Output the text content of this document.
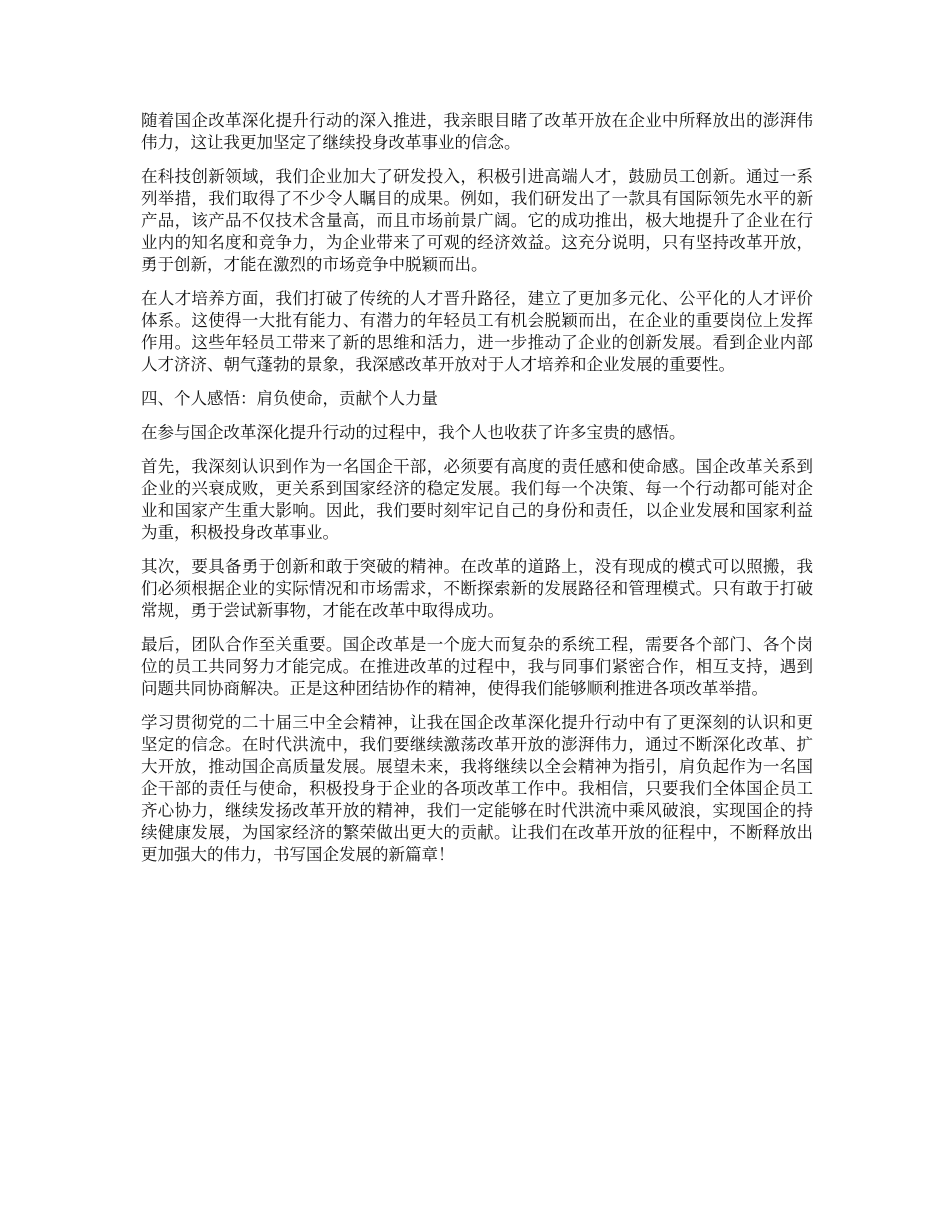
随着国企改革深化提升行动的深入推进，我亲眼目睹了改革开放在企业中所释放出的澎湃伟伟力，这让我更加坚定了继续投身改革事业的信念。

在科技创新领域，我们企业加大了研发投入，积极引进高端人才，鼓励员工创新。通过一系列举措，我们取得了不少令人瞩目的成果。例如，我们研发出了一款具有国际领先水平的新产品，该产品不仅技术含量高，而且市场前景广阔。它的成功推出，极大地提升了企业在行业内的知名度和竞争力，为企业带来了可观的经济效益。这充分说明，只有坚持改革开放，勇于创新，才能在激烈的市场竞争中脱颖而出。

在人才培养方面，我们打破了传统的人才晋升路径，建立了更加多元化、公平化的人才评价体系。这使得一大批有能力、有潜力的年轻员工有机会脱颖而出，在企业的重要岗位上发挥作用。这些年轻员工带来了新的思维和活力，进一步推动了企业的创新发展。看到企业内部人才济济、朝气蓬勃的景象，我深感改革开放对于人才培养和企业发展的重要性。

四、个人感悟：肩负使命，贡献个人力量

在参与国企改革深化提升行动的过程中，我个人也收获了许多宝贵的感悟。

首先，我深刻认识到作为一名国企干部，必须要有高度的责任感和使命感。国企改革关系到企业的兴衰成败，更关系到国家经济的稳定发展。我们每一个决策、每一个行动都可能对企业和国家产生重大影响。因此，我们要时刻牢记自己的身份和责任，以企业发展和国家利益为重，积极投身改革事业。

其次，要具备勇于创新和敢于突破的精神。在改革的道路上，没有现成的模式可以照搬，我们必须根据企业的实际情况和市场需求，不断探索新的发展路径和管理模式。只有敢于打破常规，勇于尝试新事物，才能在改革中取得成功。

最后，团队合作至关重要。国企改革是一个庞大而复杂的系统工程，需要各个部门、各个岗位的员工共同努力才能完成。在推进改革的过程中，我与同事们紧密合作，相互支持，遇到问题共同协商解决。正是这种团结协作的精神，使得我们能够顺利推进各项改革举措。

学习贯彻党的二十届三中全会精神，让我在国企改革深化提升行动中有了更深刻的认识和更坚定的信念。在时代洪流中，我们要继续激荡改革开放的澎湃伟力，通过不断深化改革、扩大开放，推动国企高质量发展。展望未来，我将继续以全会精神为指引，肩负起作为一名国企干部的责任与使命，积极投身于企业的各项改革工作中。我相信，只要我们全体国企员工齐心协力，继续发扬改革开放的精神，我们一定能够在时代洪流中乘风破浪，实现国企的持续健康发展，为国家经济的繁荣做出更大的贡献。让我们在改革开放的征程中，不断释放出更加强大的伟力，书写国企发展的新篇章！
